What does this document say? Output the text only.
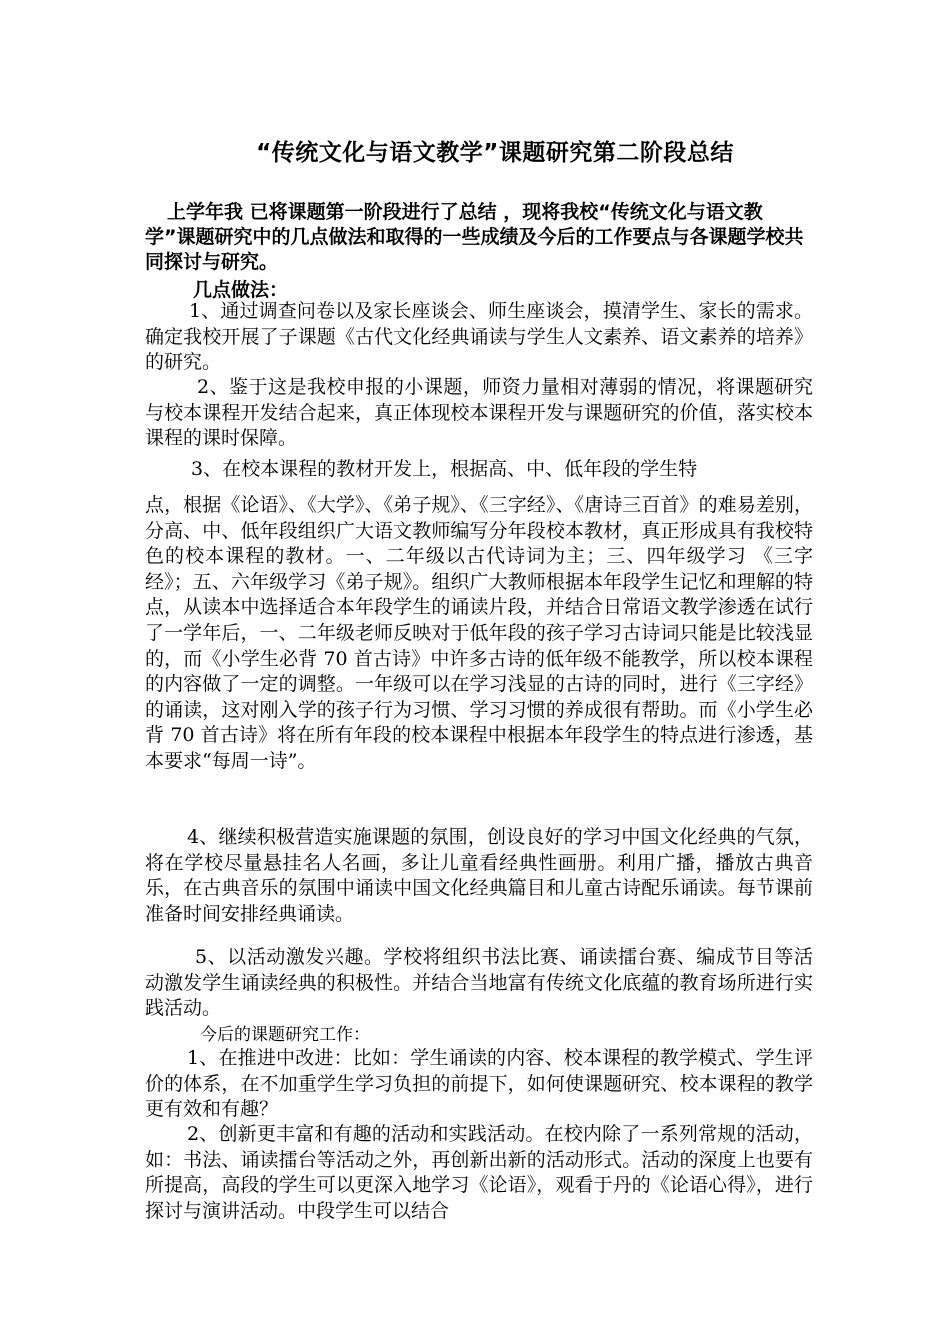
“传统文化与语文教学”课题研究第二阶段总结
上学年我 已将课题第一阶段进行了总结 ，现将我校“传统文化与语文教学”课题研究中的几点做法和取得的一些成绩及今后的工作要点与各课题学校共同探讨与研究。
几点做法：
1、通过调查问卷以及家长座谈会、师生座谈会，摸清学生、家长的需求。确定我校开展了子课题《古代文化经典诵读与学生人文素养、语文素养的培养》的研究。
2、鉴于这是我校申报的小课题，师资力量相对薄弱的情况，将课题研究与校本课程开发结合起来，真正体现校本课程开发与课题研究的价值，落实校本课程的课时保障。
3、在校本课程的教材开发上，根据高、中、低年段的学生特
点，根据《论语》、《大学》、《弟子规》、《三字经》、《唐诗三百首》的难易差别，分高、中、低年段组织广大语文教师编写分年段校本教材，真正形成具有我校特色的校本课程的教材。一、二年级以古代诗词为主；三、四年级学习 《三字经》；五、六年级学习《弟子规》。组织广大教师根据本年段学生记忆和理解的特点，从读本中选择适合本年段学生的诵读片段，并结合日常语文教学渗透在试行了一学年后，一、二年级老师反映对于低年段的孩子学习古诗词只能是比较浅显的，而《小学生必背 70 首古诗》中许多古诗的低年级不能教学，所以校本课程的内容做了一定的调整。一年级可以在学习浅显的古诗的同时，进行《三字经》的诵读，这对刚入学的孩子行为习惯、学习习惯的养成很有帮助。而《小学生必背 70 首古诗》将在所有年段的校本课程中根据本年段学生的特点进行渗透，基本要求“每周一诗”。
4、继续积极营造实施课题的氛围，创设良好的学习中国文化经典的气氛，将在学校尽量悬挂名人名画，多让儿童看经典性画册。利用广播，播放古典音乐，在古典音乐的氛围中诵读中国文化经典篇目和儿童古诗配乐诵读。每节课前准备时间安排经典诵读。
5、以活动激发兴趣。学校将组织书法比赛、诵读擂台赛、编成节目等活动激发学生诵读经典的积极性。并结合当地富有传统文化底蕴的教育场所进行实践活动。
今后的课题研究工作：
1、在推进中改进：比如：学生诵读的内容、校本课程的教学模式、学生评价的体系，在不加重学生学习负担的前提下，如何使课题研究、校本课程的教学更有效和有趣？
2、创新更丰富和有趣的活动和实践活动。在校内除了一系列常规的活动，如：书法、诵读擂台等活动之外，再创新出新的活动形式。活动的深度上也要有所提高，高段的学生可以更深入地学习《论语》，观看于丹的《论语心得》，进行探讨与演讲活动。中段学生可以结合
